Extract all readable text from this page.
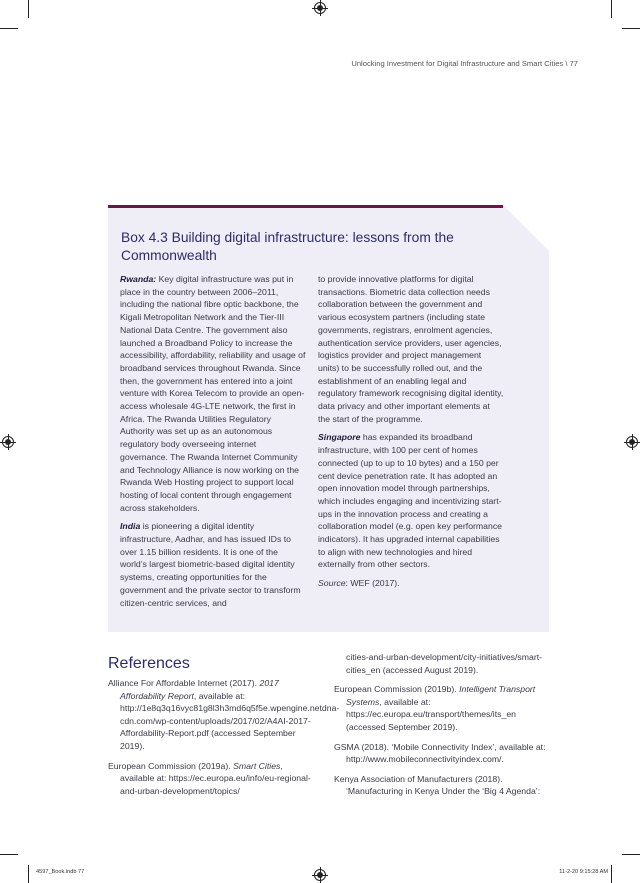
Unlocking Investment for Digital Infrastructure and Smart Cities \ 77
Box 4.3 Building digital infrastructure: lessons from the Commonwealth

Rwanda: Key digital infrastructure was put in place in the country between 2006–2011, including the national fibre optic backbone, the Kigali Metropolitan Network and the Tier-III National Data Centre. The government also launched a Broadband Policy to increase the accessibility, affordability, reliability and usage of broadband services throughout Rwanda. Since then, the government has entered into a joint venture with Korea Telecom to provide an open-access wholesale 4G-LTE network, the first in Africa. The Rwanda Utilities Regulatory Authority was set up as an autonomous regulatory body overseeing internet governance. The Rwanda Internet Community and Technology Alliance is now working on the Rwanda Web Hosting project to support local hosting of local content through engagement across stakeholders.

India is pioneering a digital identity infrastructure, Aadhar, and has issued IDs to over 1.15 billion residents. It is one of the world’s largest biometric-based digital identity systems, creating opportunities for the government and the private sector to transform citizen-centric services, and

to provide innovative platforms for digital transactions. Biometric data collection needs collaboration between the government and various ecosystem partners (including state governments, registrars, enrolment agencies, authentication service providers, user agencies, logistics provider and project management units) to be successfully rolled out, and the establishment of an enabling legal and regulatory framework recognising digital identity, data privacy and other important elements at the start of the programme.

Singapore has expanded its broadband infrastructure, with 100 per cent of homes connected (up to up to 10 bytes) and a 150 per cent device penetration rate. It has adopted an open innovation model through partnerships, which includes engaging and incentivizing start-ups in the innovation process and creating a collaboration model (e.g. open key performance indicators). It has upgraded internal capabilities to align with new technologies and hired externally from other sectors.

Source: WEF (2017).

References
Alliance For Affordable Internet (2017). 2017 Affordability Report, available at: http://1e8q3q16vyc81g8l3h3md6q5f5e.wpengine.netdna-cdn.com/wp-content/uploads/2017/02/A4AI-2017-Affordability-Report.pdf (accessed September 2019).
European Commission (2019a). Smart Cities, available at: https://ec.europa.eu/info/eu-regional-and-urban-development/topics/
cities-and-urban-development/city-initiatives/smart-cities_en (accessed August 2019).
European Commission (2019b). Intelligent Transport Systems, available at: https://ec.europa.eu/transport/themes/its_en (accessed September 2019).
GSMA (2018). ‘Mobile Connectivity Index’, available at: http://www.mobileconnectivityindex.com/.
Kenya Association of Manufacturers (2018). ‘Manufacturing in Kenya Under the ‘Big 4 Agenda’:
4597_Book.indb 77	11-2-20 9:15:28 AM
